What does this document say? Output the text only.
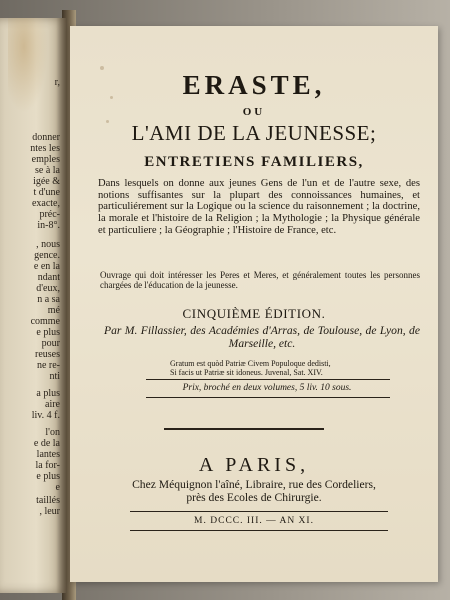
r,
donner
ntes les
emples
se à la
igée &
t d'une
exacte,
préc-
in-8°.
, nous
gence.
e en la
ndant
d'eux,
n a sa
mé
comme
e plus
pour
reuses
ne re-
nti
a plus
aire
liv. 4 f.
l'on
e de la
lantes
la for-
e plus
e
taillés
, leur
ERASTE,
OU
L'AMI DE LA JEUNESSE;
ENTRETIENS FAMILIERS,
Dans lesquels on donne aux jeunes Gens de l'un et de l'autre sexe, des notions suffisantes sur la plupart des connoissances humaines, et particuliérement sur la Logique ou la science du raisonnement ; la doctrine, la morale et l'histoire de la Religion ; la Mythologie ; la Physique générale et particuliere ; la Géographie ; l'Histoire de France, etc.
Ouvrage qui doit intéresser les Peres et Meres, et généralement toutes les personnes chargées de l'éducation de la jeunesse.
CINQUIÈME ÉDITION.
Par M. Fillassier, des Académies d'Arras, de Toulouse, de Lyon, de Marseille, etc.
Gratum est quòd Patriæ Civem Populoque dedisti,
Si facis ut Patriæ sit idoneus. Juvenal, Sat. XIV.
Prix, broché en deux volumes, 5 liv. 10 sous.
A PARIS,
Chez Méquignon l'aîné, Libraire, rue des Cordeliers,
près des Ecoles de Chirurgie.
M. DCCC. III. — AN XI.
